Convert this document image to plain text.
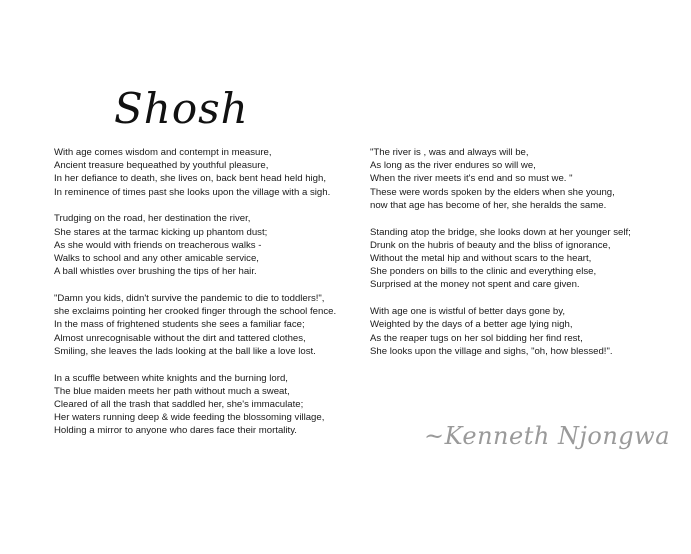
Shosh
With age comes wisdom and contempt in measure,
Ancient treasure bequeathed by youthful pleasure,
In her defiance to death, she lives on, back bent head held high,
In reminence of times past she looks upon the village with a sigh.
Trudging on the road, her destination the river,
She stares at the tarmac kicking up phantom dust;
As she would with friends on treacherous walks -
Walks to school and any other amicable service,
A ball whistles over brushing the tips of her hair.
"Damn you kids, didn't survive the pandemic to die to toddlers!",
she exclaims pointing her crooked finger through the school fence.
In the mass of frightened students she sees a familiar face;
Almost unrecognisable without the dirt and tattered clothes,
Smiling, she leaves the lads looking at the ball like a love lost.
In a scuffle between white knights and the burning lord,
The blue maiden meets her path without much a sweat,
Cleared of all the trash that saddled her, she's immaculate;
Her waters running deep & wide feeding the blossoming village,
Holding a mirror to anyone who dares face their mortality.
"The river is , was and always will be,
As long as the river endures so will we,
When the river meets it's end and so must we. "
These were words spoken by the elders when she young,
now that age has become of her, she heralds the same.
Standing atop the bridge, she looks down at her younger self;
Drunk on the hubris of beauty and the bliss of ignorance,
Without the metal hip and without scars to the heart,
She ponders on bills to the clinic and everything else,
Surprised at the money not spent and care given.
With age one is wistful of better days gone by,
Weighted by the days of a better age lying nigh,
As the reaper tugs on her sol bidding her find rest,
She looks upon the village and sighs, "oh, how blessed!".
~Kenneth Njongwa
